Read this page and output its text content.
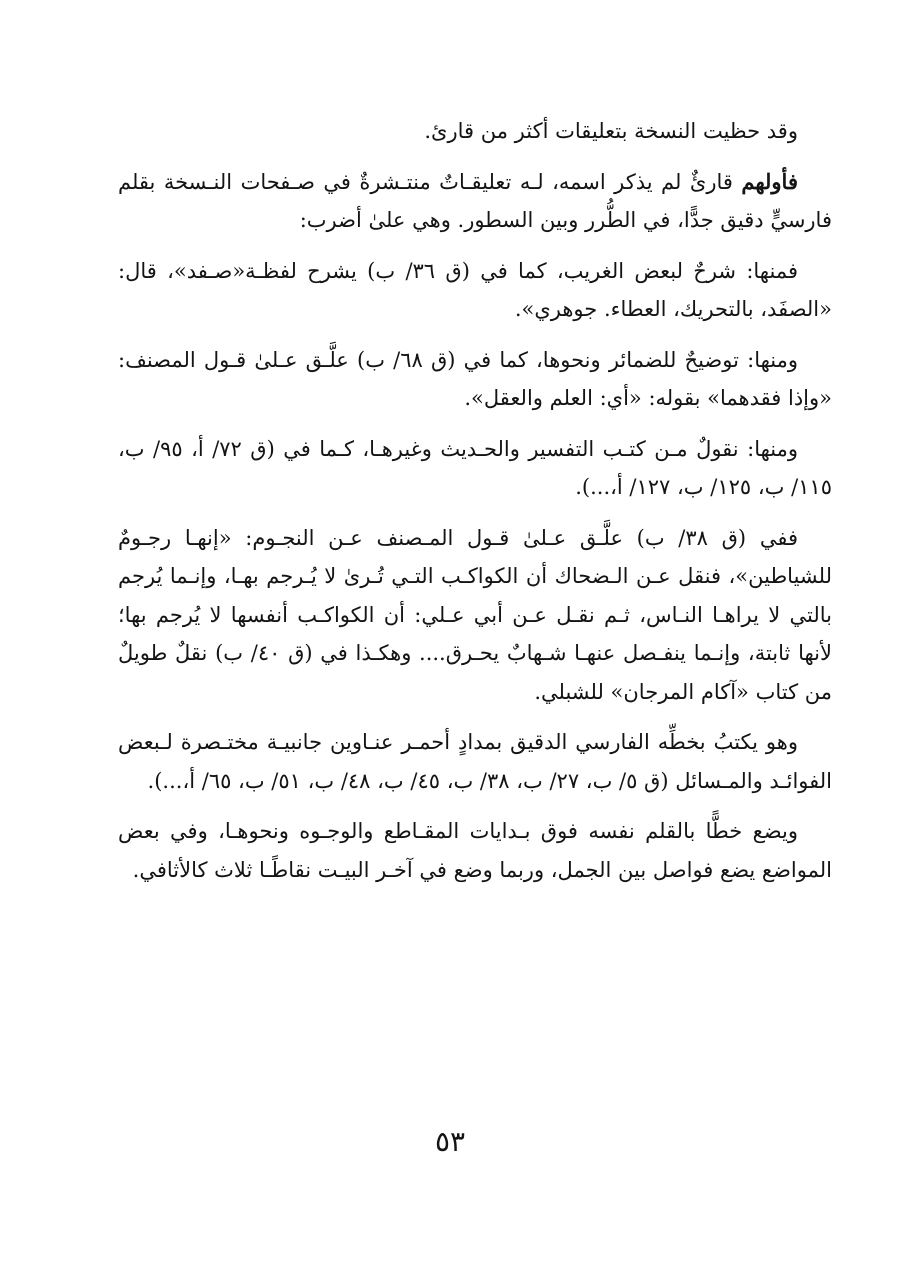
وقد حظيت النسخة بتعليقات أكثر من قارئ.

فأولهم قارئٌ لم يذكر اسمه، لـه تعليقـاتٌ منتـشرةٌ في صـفحات النـسخة بقلم فارسيٍّ دقيق جدًّا، في الطُّرر وبين السطور. وهي علىٰ أضرب:

فمنها: شرحٌ لبعض الغريب، كما في (ق ٣٦/ ب) يشرح لفظـة«صـفد»، قال: «الصفَد، بالتحريك، العطاء. جوهري».

ومنها: توضيحٌ للضمائر ونحوها، كما في (ق ٦٨/ ب) علَّـق عـلىٰ قـول المصنف: «وإذا فقدهما» بقوله: «أي: العلم والعقل».

ومنها: نقولٌ مـن كتـب التفسير والحـديث وغيرهـا، كـما في (ق ٧٢/ أ، ٩٥/ ب، ١١٥/ ب، ١٢٥/ ب، ١٢٧/ أ،...).

ففي (ق ٣٨/ ب) علَّـق عـلىٰ قـول المـصنف عـن النجـوم: «إنهـا رجـومٌ للشياطين»، فنقل عـن الـضحاك أن الكواكـب التـي تُـرىٰ لا يُـرجم بهـا، وإنـما يُرجم بالتي لا يراهـا النـاس، ثـم نقـل عـن أبي عـلي: أن الكواكـب أنفسها لا يُرجم بها؛ لأنها ثابتة، وإنـما ينفـصل عنهـا شـهابٌ يحـرق.... وهكـذا في (ق ٤٠/ ب) نقلٌ طويلٌ من كتاب «آكام المرجان» للشبلي.

وهو يكتبُ بخطِّه الفارسي الدقيق بمدادٍ أحمـر عنـاوين جانبيـة مختـصرة لـبعض الفوائـد والمـسائل (ق ٥/ ب، ٢٧/ ب، ٣٨/ ب، ٤٥/ ب، ٤٨/ ب، ٥١/ ب، ٦٥/ أ،...).

ويضع خطًّا بالقلم نفسه فوق بـدايات المقـاطع والوجـوه ونحوهـا، وفي بعض المواضع يضع فواصل بين الجمل، وربما وضع في آخـر البيـت نقاطًـا ثلاث كالأثافي.

٥٣
